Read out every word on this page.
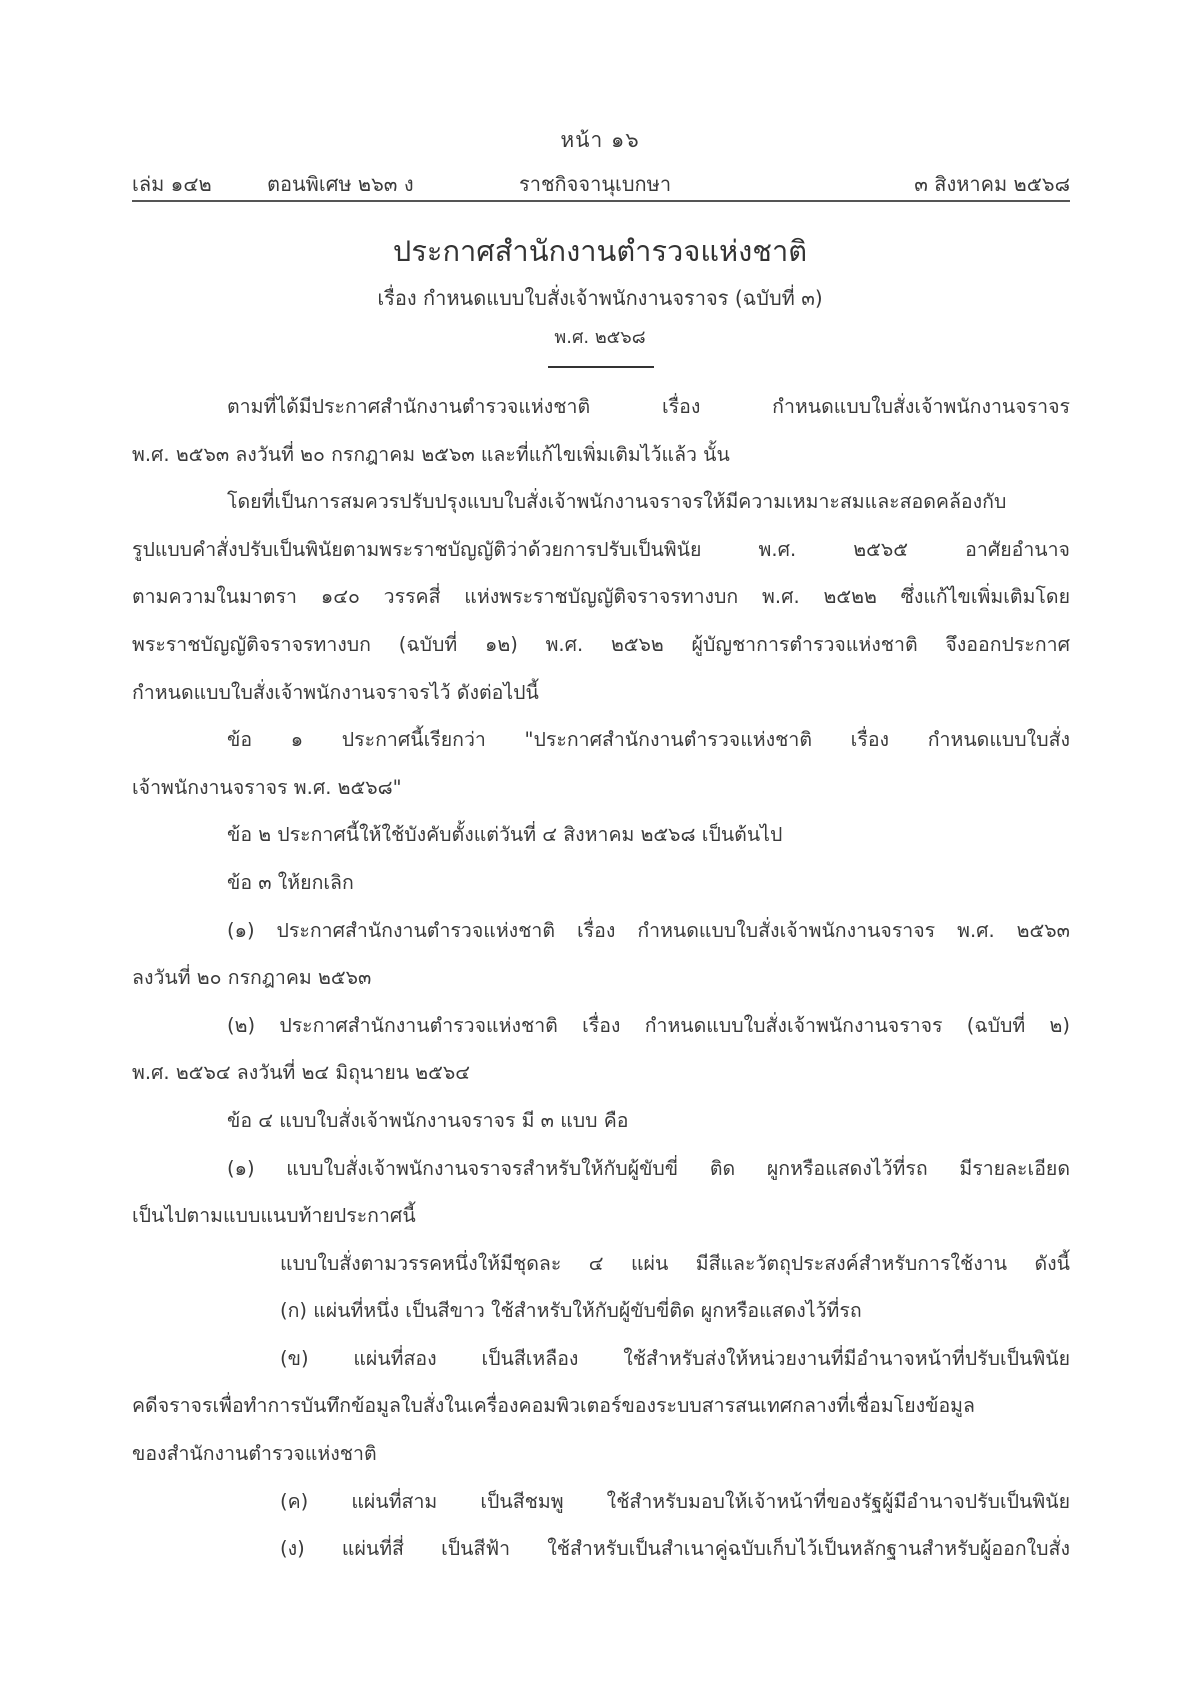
หน้า ๑๖
เล่ม ๑๔๒	ตอนพิเศษ ๒๖๓ ง	ราชกิจจานุเบกษา	๓ สิงหาคม ๒๕๖๘
ประกาศสำนักงานตำรวจแห่งชาติ
เรื่อง กำหนดแบบใบสั่งเจ้าพนักงานจราจร (ฉบับที่ ๓)
พ.ศ. ๒๕๖๘
ตามที่ได้มีประกาศสำนักงานตำรวจแห่งชาติ เรื่อง กำหนดแบบใบสั่งเจ้าพนักงานจราจร
พ.ศ. ๒๕๖๓ ลงวันที่ ๒๐ กรกฎาคม ๒๕๖๓ และที่แก้ไขเพิ่มเติมไว้แล้ว นั้น
โดยที่เป็นการสมควรปรับปรุงแบบใบสั่งเจ้าพนักงานจราจรให้มีความเหมาะสมและสอดคล้องกับ
รูปแบบคำสั่งปรับเป็นพินัยตามพระราชบัญญัติว่าด้วยการปรับเป็นพินัย พ.ศ. ๒๕๖๕ อาศัยอำนาจ
ตามความในมาตรา ๑๔๐ วรรคสี่ แห่งพระราชบัญญัติจราจรทางบก พ.ศ. ๒๕๒๒ ซึ่งแก้ไขเพิ่มเติมโดย
พระราชบัญญัติจราจรทางบก (ฉบับที่ ๑๒) พ.ศ. ๒๕๖๒ ผู้บัญชาการตำรวจแห่งชาติ จึงออกประกาศ
กำหนดแบบใบสั่งเจ้าพนักงานจราจรไว้ ดังต่อไปนี้
ข้อ ๑ ประกาศนี้เรียกว่า "ประกาศสำนักงานตำรวจแห่งชาติ เรื่อง กำหนดแบบใบสั่ง
เจ้าพนักงานจราจร พ.ศ. ๒๕๖๘"
ข้อ ๒ ประกาศนี้ให้ใช้บังคับตั้งแต่วันที่ ๔ สิงหาคม ๒๕๖๘ เป็นต้นไป
ข้อ ๓ ให้ยกเลิก
(๑) ประกาศสำนักงานตำรวจแห่งชาติ เรื่อง กำหนดแบบใบสั่งเจ้าพนักงานจราจร พ.ศ. ๒๕๖๓
ลงวันที่ ๒๐ กรกฎาคม ๒๕๖๓
(๒) ประกาศสำนักงานตำรวจแห่งชาติ เรื่อง กำหนดแบบใบสั่งเจ้าพนักงานจราจร (ฉบับที่ ๒)
พ.ศ. ๒๕๖๔ ลงวันที่ ๒๔ มิถุนายน ๒๕๖๔
ข้อ ๔ แบบใบสั่งเจ้าพนักงานจราจร มี ๓ แบบ คือ
(๑) แบบใบสั่งเจ้าพนักงานจราจรสำหรับให้กับผู้ขับขี่ ติด ผูกหรือแสดงไว้ที่รถ มีรายละเอียด
เป็นไปตามแบบแนบท้ายประกาศนี้
แบบใบสั่งตามวรรคหนึ่งให้มีชุดละ ๔ แผ่น มีสีและวัตถุประสงค์สำหรับการใช้งาน ดังนี้
(ก) แผ่นที่หนึ่ง เป็นสีขาว ใช้สำหรับให้กับผู้ขับขี่ติด ผูกหรือแสดงไว้ที่รถ
(ข) แผ่นที่สอง เป็นสีเหลือง ใช้สำหรับส่งให้หน่วยงานที่มีอำนาจหน้าที่ปรับเป็นพินัย
คดีจราจรเพื่อทำการบันทึกข้อมูลใบสั่งในเครื่องคอมพิวเตอร์ของระบบสารสนเทศกลางที่เชื่อมโยงข้อมูล
ของสำนักงานตำรวจแห่งชาติ
(ค) แผ่นที่สาม เป็นสีชมพู ใช้สำหรับมอบให้เจ้าหน้าที่ของรัฐผู้มีอำนาจปรับเป็นพินัย
(ง) แผ่นที่สี่ เป็นสีฟ้า ใช้สำหรับเป็นสำเนาคู่ฉบับเก็บไว้เป็นหลักฐานสำหรับผู้ออกใบสั่ง
